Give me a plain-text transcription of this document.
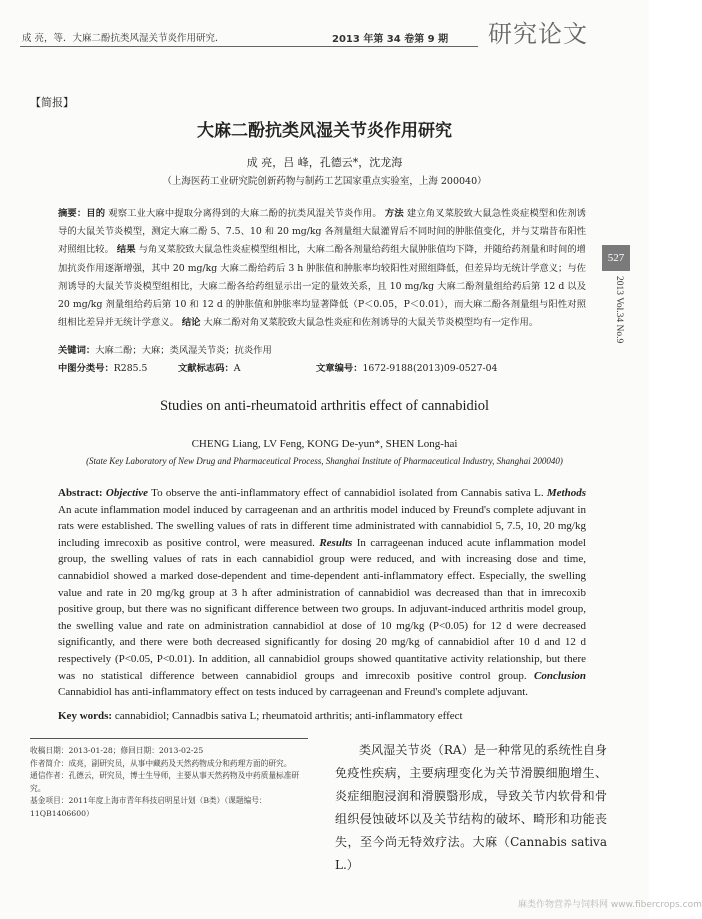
成 亮，等．大麻二酚抗类风湿关节炎作用研究．	2013 年第 34 卷第 9 期 研究论文
527
2013 Vol.34 No.9
【简报】
大麻二酚抗类风湿关节炎作用研究
成 亮，吕 峰，孔德云*，沈龙海
（上海医药工业研究院创新药物与制药工艺国家重点实验室，上海 200040）
摘要：目的 观察工业大麻中提取分离得到的大麻二酚的抗类风湿关节炎作用。 方法 建立角叉菜胶致大鼠急性炎症模型和佐剂诱导的大鼠关节炎模型，测定大麻二酚 5、7.5、10 和 20 mg/kg 各剂量组大鼠灌胃后不同时间的肿胀值变化，并与艾瑞昔布阳性对照组比较。 结果 与角叉菜胶致大鼠急性炎症模型组相比，大麻二酚各剂量给药组大鼠肿胀值均下降，并随给药剂量和时间的增加抗炎作用逐渐增强，其中 20 mg/kg 大麻二酚给药后 3 h 肿胀值和肿胀率均较阳性对照组降低，但差异均无统计学意义；与佐剂诱导的大鼠关节炎模型组相比，大麻二酚各给药组显示出一定的量效关系，且 10 mg/kg 大麻二酚剂量组给药后第 12 d 以及 20 mg/kg 剂量组给药后第 10 和 12 d 的肿胀值和肿胀率均显著降低（P＜0.05，P＜0.01），而大麻二酚各剂量组与阳性对照组相比差异并无统计学意义。 结论 大麻二酚对角叉菜胶致大鼠急性炎症和佐剂诱导的大鼠关节炎模型均有一定作用。
关键词：大麻二酚；大麻；类风湿关节炎；抗炎作用
中图分类号：R285.5	文献标志码：A	文章编号：1672-9188(2013)09-0527-04
Studies on anti-rheumatoid arthritis effect of cannabidiol
CHENG Liang, LV Feng, KONG De-yun*, SHEN Long-hai
(State Key Laboratory of New Drug and Pharmaceutical Process, Shanghai Institute of Pharmaceutical Industry, Shanghai 200040)
Abstract: Objective To observe the anti-inflammatory effect of cannabidiol isolated from Cannabis sativa L. Methods An acute inflammation model induced by carrageenan and an arthritis model induced by Freund's complete adjuvant in rats were established. The swelling values of rats in different time administrated with cannabidiol 5, 7.5, 10, 20 mg/kg including imrecoxib as positive control, were measured. Results In carrageenan induced acute inflammation model group, the swelling values of rats in each cannabidiol group were reduced, and with increasing dose and time, cannabidiol showed a marked dose-dependent and time-dependent anti-inflammatory effect. Especially, the swelling value and rate in 20 mg/kg group at 3 h after administration of cannabidiol was decreased than that in imrecoxib positive group, but there was no significant difference between two groups. In adjuvant-induced arthritis model group, the swelling value and rate on administration cannabidiol at dose of 10 mg/kg (P<0.05) for 12 d were decreased significantly, and there were both decreased significantly for dosing 20 mg/kg of cannabidiol after 10 d and 12 d respectively (P<0.05, P<0.01). In addition, all cannabidiol groups showed quantitative activity relationship, but there was no statistical difference between cannabidiol groups and imrecoxib positive control group. Conclusion Cannabidiol has anti-inflammatory effect on tests induced by carrageenan and Freund's complete adjuvant.
Key words: cannabidiol; Cannadbis sativa L; rheumatoid arthritis; anti-inflammatory effect
收稿日期：2013-01-28；修回日期：2013-02-25
作者简介：成亮，副研究员，从事中藏药及天然药物成分和药理方面的研究。
通信作者：孔德云，研究员，博士生导师，主要从事天然药物及中药质量标准研究。
基金项目：2011年度上海市青年科技启明星计划（B类）（课题编号：11QB1406600）
类风湿关节炎（RA）是一种常见的系统性自身免疫性疾病，主要病理变化为关节滑膜细胞增生、炎症细胞浸润和滑膜翳形成，导致关节内软骨和骨组织侵蚀破坏以及关节结构的破坏、畸形和功能丧失，至今尚无特效疗法。大麻（Cannabis sativa L.）
麻类作物营养与饲料网 www.fibercrops.com
